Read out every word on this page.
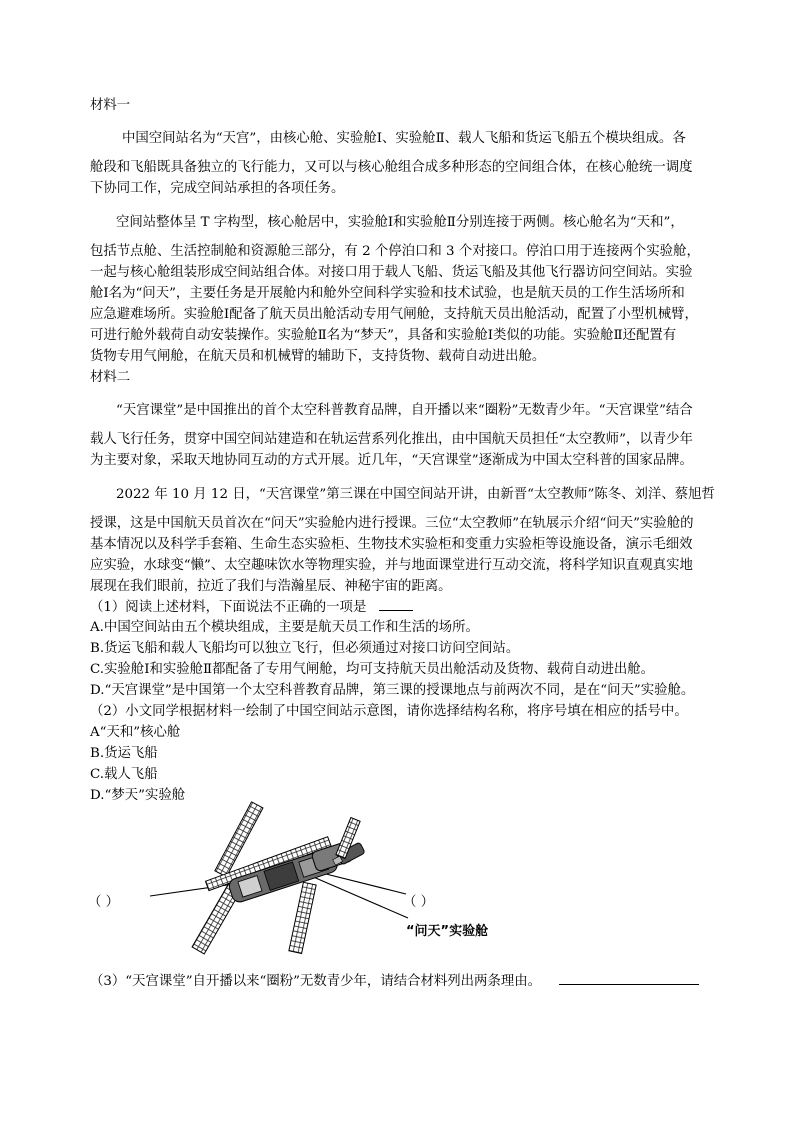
材料一
中国空间站名为“天宫”，由核心舱、实验舱Ⅰ、实验舱Ⅱ、载人飞船和货运飞船五个模块组成。各
舱段和飞船既具备独立的飞行能力，又可以与核心舱组合成多种形态的空间组合体，在核心舱统一调度
下协同工作，完成空间站承担的各项任务。
空间站整体呈 T 字构型，核心舱居中，实验舱Ⅰ和实验舱Ⅱ分别连接于两侧。核心舱名为“天和”，
包括节点舱、生活控制舱和资源舱三部分，有 2 个停泊口和 3 个对接口。停泊口用于连接两个实验舱，
一起与核心舱组装形成空间站组合体。对接口用于载人飞船、货运飞船及其他飞行器访问空间站。实验
舱Ⅰ名为“问天”，主要任务是开展舱内和舱外空间科学实验和技术试验，也是航天员的工作生活场所和
应急避难场所。实验舱Ⅰ配备了航天员出舱活动专用气闸舱，支持航天员出舱活动，配置了小型机械臂，
可进行舱外载荷自动安装操作。实验舱Ⅱ名为“梦天”，具备和实验舱Ⅰ类似的功能。实验舱Ⅱ还配置有
货物专用气闸舱，在航天员和机械臂的辅助下，支持货物、载荷自动进出舱。
材料二
“天宫课堂”是中国推出的首个太空科普教育品牌，自开播以来“圈粉”无数青少年。“天宫课堂”结合
载人飞行任务，贯穿中国空间站建造和在轨运营系列化推出，由中国航天员担任“太空教师”，以青少年
为主要对象，采取天地协同互动的方式开展。近几年，“天宫课堂”逐渐成为中国太空科普的国家品牌。
2022 年 10 月 12 日，“天宫课堂”第三课在中国空间站开讲，由新晋“太空教师”陈冬、刘洋、蔡旭哲
授课，这是中国航天员首次在“问天”实验舱内进行授课。三位“太空教师”在轨展示介绍“问天”实验舱的
基本情况以及科学手套箱、生命生态实验柜、生物技术实验柜和变重力实验柜等设施设备，演示毛细效
应实验，水球变“懒”、太空趣味饮水等物理实验，并与地面课堂进行互动交流，将科学知识直观真实地
展现在我们眼前，拉近了我们与浩瀚星辰、神秘宇宙的距离。
（1）阅读上述材料，下面说法不正确的一项是
A.中国空间站由五个模块组成，主要是航天员工作和生活的场所。
B.货运飞船和载人飞船均可以独立飞行，但必须通过对接口访问空间站。
C.实验舱Ⅰ和实验舱Ⅱ都配备了专用气闸舱，均可支持航天员出舱活动及货物、载荷自动进出舱。
D.“天宫课堂”是中国第一个太空科普教育品牌，第三课的授课地点与前两次不同，是在“问天”实验舱。
（2）小文同学根据材料一绘制了中国空间站示意图，请你选择结构名称，将序号填在相应的括号中。
A“天和”核心舱
B.货运飞船
C.载人飞船
D.“梦天”实验舱
（ ）	（ ）
“问天”实验舱
（3）“天宫课堂”自开播以来“圈粉”无数青少年，请结合材料列出两条理由。
